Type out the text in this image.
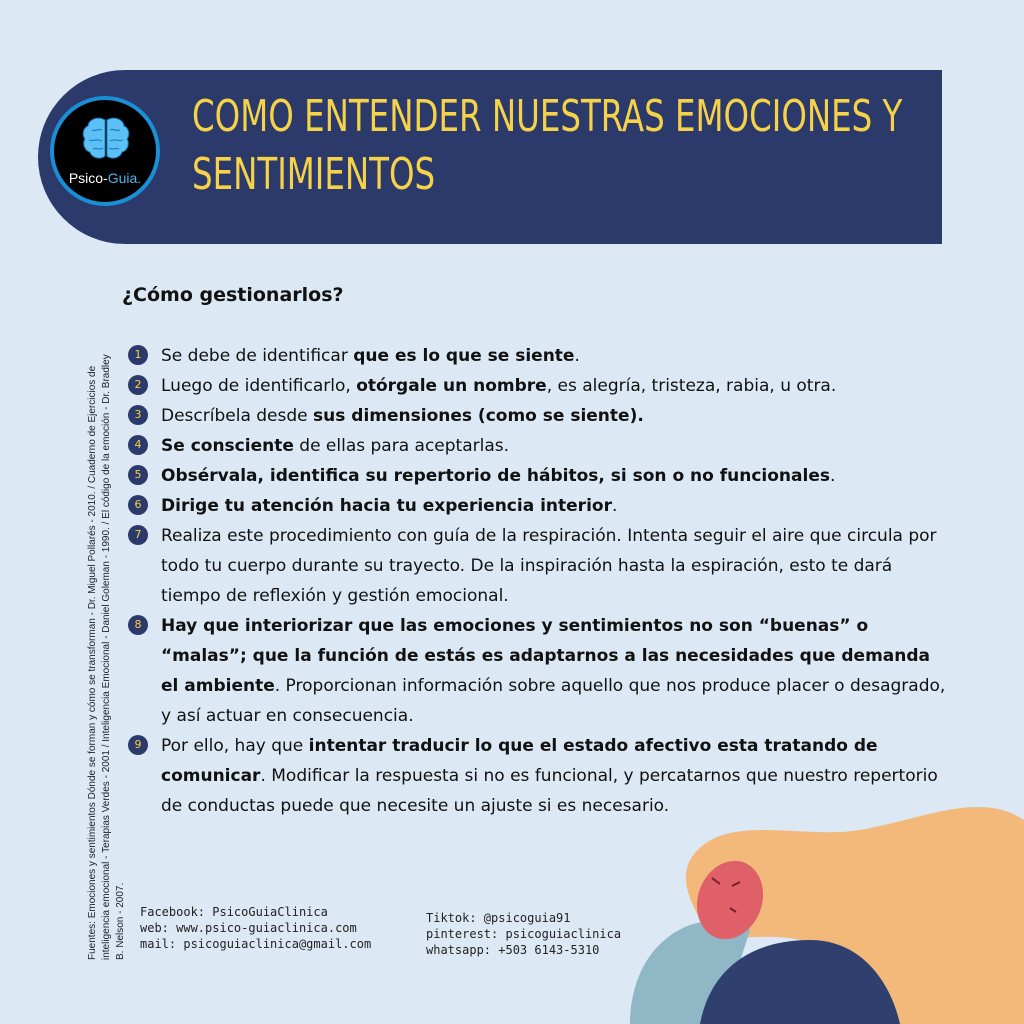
Psico-Guia.
COMO ENTENDER NUESTRAS EMOCIONES Y
SENTIMIENTOS
¿Cómo gestionarlos?
1	Se debe de identificar que es lo que se siente.
2	Luego de identificarlo, otórgale un nombre, es alegría, tristeza, rabia, u otra.
3	Descríbela desde sus dimensiones (como se siente).
4	Se consciente de ellas para aceptarlas.
5	Obsérvala, identifica su repertorio de hábitos, si son o no funcionales.
6	Dirige tu atención hacia tu experiencia interior.
7	Realiza este procedimiento con guía de la respiración. Intenta seguir el aire que circula por todo tu cuerpo durante su trayecto. De la inspiración hasta la espiración, esto te dará tiempo de reflexión y gestión emocional.
8	Hay que interiorizar que las emociones y sentimientos no son “buenas” o “malas”; que la función de estás es adaptarnos a las necesidades que demanda el ambiente. Proporcionan información sobre aquello que nos produce placer o desagrado, y así actuar en consecuencia.
9	Por ello, hay que intentar traducir lo que el estado afectivo esta tratando de comunicar. Modificar la respuesta si no es funcional, y percatarnos que nuestro repertorio de conductas puede que necesite un ajuste si es necesario.
Fuentes: Emociones y sentimientos Dónde se forman y cómo se transforman - Dr. Miguel Pollarés - 2010. / Cuaderno de Ejercicios de inteligencia emocional - Terapias Verdes - 2001 / Inteligencia Emocional - Daniel Goleman - 1990. / El código de la emoción - Dr. Bradley B. Nelson - 2007. Facebook: PsicoGuiaClinica
web: www.psico-guiaclinica.com
mail: psicoguiaclinica@gmail.com
Tiktok: @psicoguia91
pinterest: psicoguiaclinica
whatsapp: +503 6143-5310
